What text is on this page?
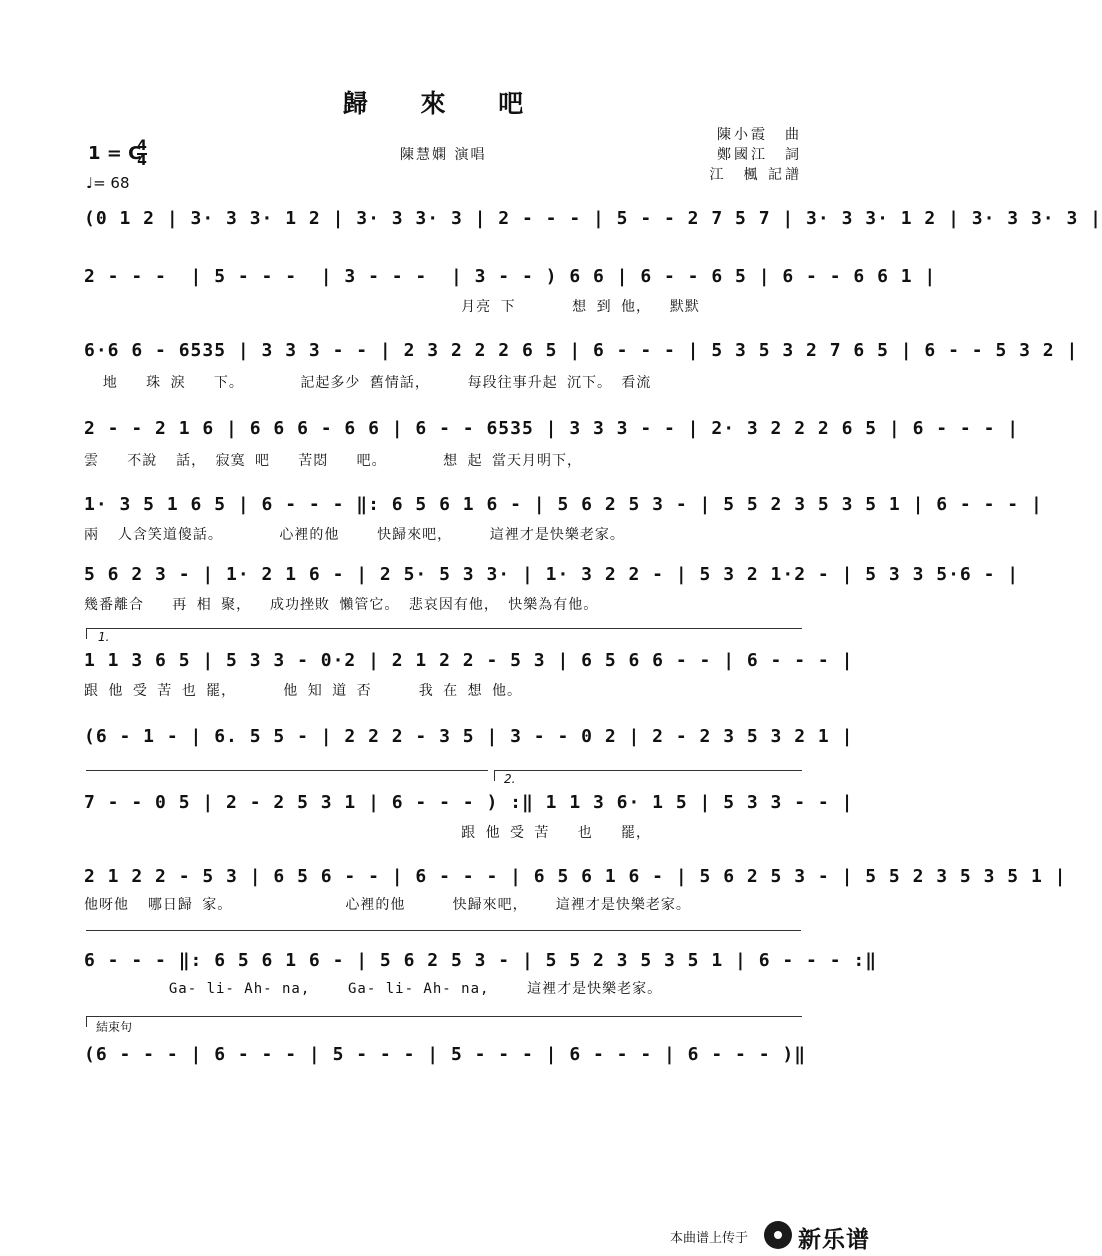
歸 來 吧
1 = C
4
4
♩= 68
陳慧嫻 演唱
陳小霞　曲
鄭國江　詞
江　楓 記譜
(0 1 2 | 3· 3 3· 1 2 | 3· 3 3· 3 | 2 - - - | 5 - - 2 7 5 7 | 3· 3 3· 1 2 | 3· 3 3· 3 |
2 - - -  | 5 - - -  | 3 - - -  | 3 - - ) 6 6 | 6 - - 6 5 | 6 - - 6 6 1 |
月亮 下      想 到 他，  默默
6·6 6 - 6535 | 3 3 3 - - | 2 3 2 2 2 6 5 | 6 - - - | 5 3 5 3 2 7 6 5 | 6 - - 5 3 2 |
地   珠 淚   下。      記起多少 舊情話，    每段往事升起 沉下。 看流
2 - - 2 1 6 | 6 6 6 - 6 6 | 6 - - 6535 | 3 3 3 - - | 2· 3 2 2 2 6 5 | 6 - - - |
雲   不說  話， 寂寞 吧   苦悶   吧。      想 起 當天月明下，
1· 3 5 1 6 5 | 6 - - - ‖: 6 5 6 1 6 - | 5 6 2 5 3 - | 5 5 2 3 5 3 5 1 | 6 - - - |
兩  人含笑道傻話。      心裡的他    快歸來吧，    這裡才是快樂老家。
5 6 2 3 - | 1· 2 1 6 - | 2 5· 5 3 3· | 1· 3 2 2 - | 5 3 2 1·2 - | 5 3 3 5·6 - |
幾番離合   再 相 聚，  成功挫敗 懶管它。 悲哀因有他， 快樂為有他。
1.
1 1 3 6 5 | 5 3 3 - 0·2 | 2 1 2 2 - 5 3 | 6 5 6 6 - - | 6 - - - |
跟 他 受 苦 也 罷，     他 知 道 否     我 在 想 他。
(6 - 1 - | 6. 5 5 - | 2 2 2 - 3 5 | 3 - - 0 2 | 2 - 2 3 5 3 2 1 |
2.
7 - - 0 5 | 2 - 2 5 3 1 | 6 - - - ) :‖ 1 1 3 6· 1 5 | 5 3 3 - - |
跟 他 受 苦   也   罷，
2 1 2 2 - 5 3 | 6 5 6 - - | 6 - - - | 6 5 6 1 6 - | 5 6 2 5 3 - | 5 5 2 3 5 3 5 1 |
他呀他  哪日歸 家。            心裡的他     快歸來吧，   這裡才是快樂老家。
6 - - - ‖: 6 5 6 1 6 - | 5 6 2 5 3 - | 5 5 2 3 5 3 5 1 | 6 - - - :‖
Ga- li- Ah- na,    Ga- li- Ah- na,    這裡才是快樂老家。
結束句
(6 - - - | 6 - - - | 5 - - - | 5 - - - | 6 - - - | 6 - - - )‖
本曲谱上传于 新乐谱
